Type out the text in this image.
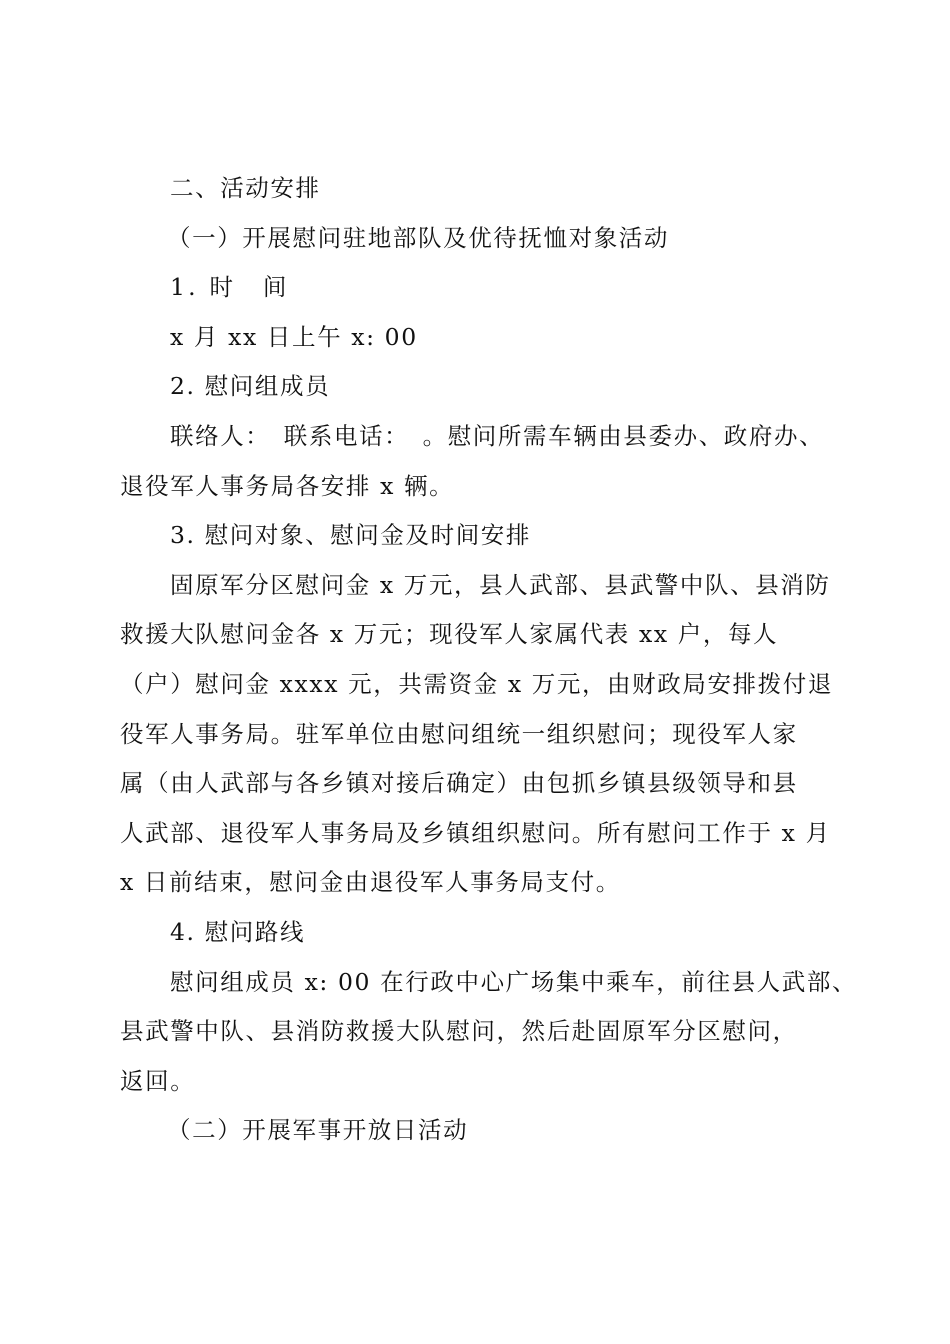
二、活动安排
（一）开展慰问驻地部队及优待抚恤对象活动
1. 时　间
x 月 xx 日上午 x: 00
2. 慰问组成员
联络人：　联系电话：　。慰问所需车辆由县委办、政府办、
退役军人事务局各安排 x 辆。
3. 慰问对象、慰问金及时间安排
固原军分区慰问金 x 万元，县人武部、县武警中队、县消防
救援大队慰问金各 x 万元；现役军人家属代表 xx 户，每人
（户）慰问金 xxxx 元，共需资金 x 万元，由财政局安排拨付退
役军人事务局。驻军单位由慰问组统一组织慰问；现役军人家
属（由人武部与各乡镇对接后确定）由包抓乡镇县级领导和县
人武部、退役军人事务局及乡镇组织慰问。所有慰问工作于 x 月
x 日前结束，慰问金由退役军人事务局支付。
4. 慰问路线
慰问组成员 x: 00 在行政中心广场集中乘车，前往县人武部、
县武警中队、县消防救援大队慰问，然后赴固原军分区慰问，
返回。
（二）开展军事开放日活动
